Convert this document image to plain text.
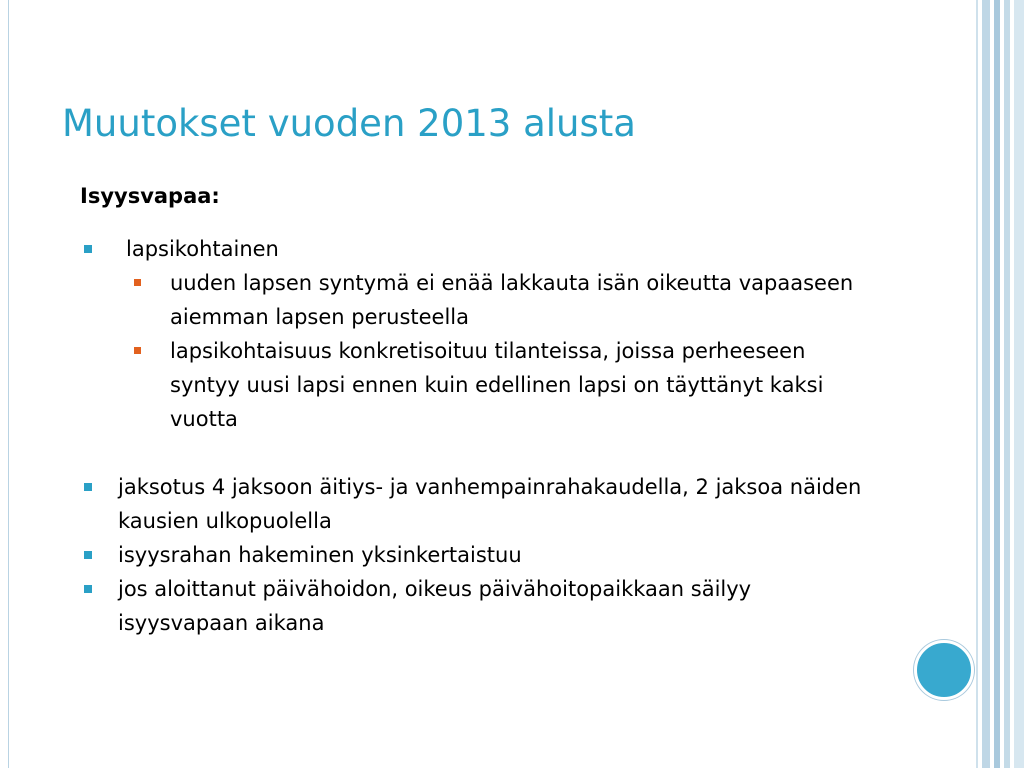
Muutokset vuoden 2013 alusta

Isyysvapaa:

lapsikohtainen
uuden lapsen syntymä ei enää lakkauta isän oikeutta vapaaseen aiemman lapsen perusteella
lapsikohtaisuus konkretisoituu tilanteissa, joissa perheeseen syntyy uusi lapsi ennen kuin edellinen lapsi on täyttänyt kaksi vuotta
jaksotus 4 jaksoon äitiys- ja vanhempainrahakaudella, 2 jaksoa näiden kausien ulkopuolella
isyysrahan hakeminen yksinkertaistuu
jos aloittanut päivähoidon, oikeus päivähoitopaikkaan säilyy isyysvapaan aikana
